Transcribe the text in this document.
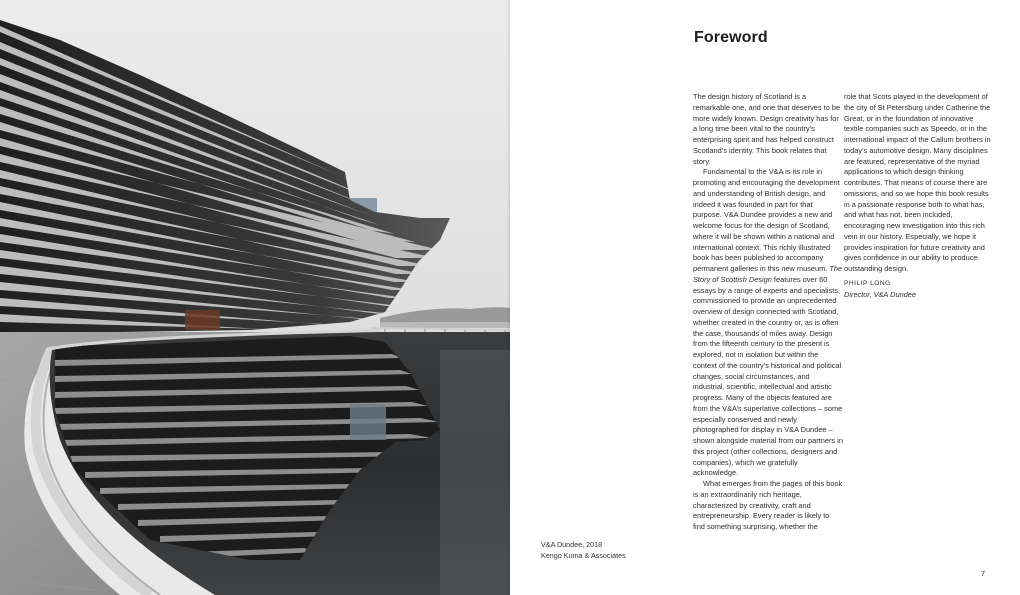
V&A Dundee, 2018
Kengo Kuma & Associates
Foreword

The design history of Scotland is a remarkable one, and one that deserves to be more widely known. Design creativity has for a long time been vital to the country’s enterprising spirit and has helped construct Scotland’s identity. This book relates that story.

Fundamental to the V&A is its role in promoting and encouraging the development and understanding of British design, and indeed it was founded in part for that purpose. V&A Dundee provides a new and welcome focus for the design of Scotland, where it will be shown within a national and international context. This richly illustrated book has been published to accompany permanent galleries in this new museum. The Story of Scottish Design features over 60 essays by a range of experts and specialists, commissioned to provide an unprecedented overview of design connected with Scotland, whether created in the country or, as is often the case, thousands of miles away. Design from the fifteenth century to the present is explored, not in isolation but within the context of the country’s historical and political changes, social circumstances, and industrial, scientific, intellectual and artistic progress. Many of the objects featured are from the V&A’s superlative collections – some especially conserved and newly photographed for display in V&A Dundee – shown alongside material from our partners in this project (other collections, designers and companies), which we gratefully acknowledge.

What emerges from the pages of this book is an extraordinarily rich heritage, characterized by creativity, craft and entrepreneurship. Every reader is likely to find something surprising, whether the

role that Scots played in the development of the city of St Petersburg under Catherine the Great, or in the foundation of innovative textile companies such as Speedo, or in the international impact of the Callum brothers in today’s automotive design. Many disciplines are featured, representative of the myriad applications to which design thinking contributes. That means of course there are omissions, and so we hope this book results in a passionate response both to what has, and what has not, been included, encouraging new investigation into this rich vein in our history. Especially, we hope it provides inspiration for future creativity and gives confidence in our ability to produce outstanding design.

PHILIP LONG
Director, V&A Dundee
7
